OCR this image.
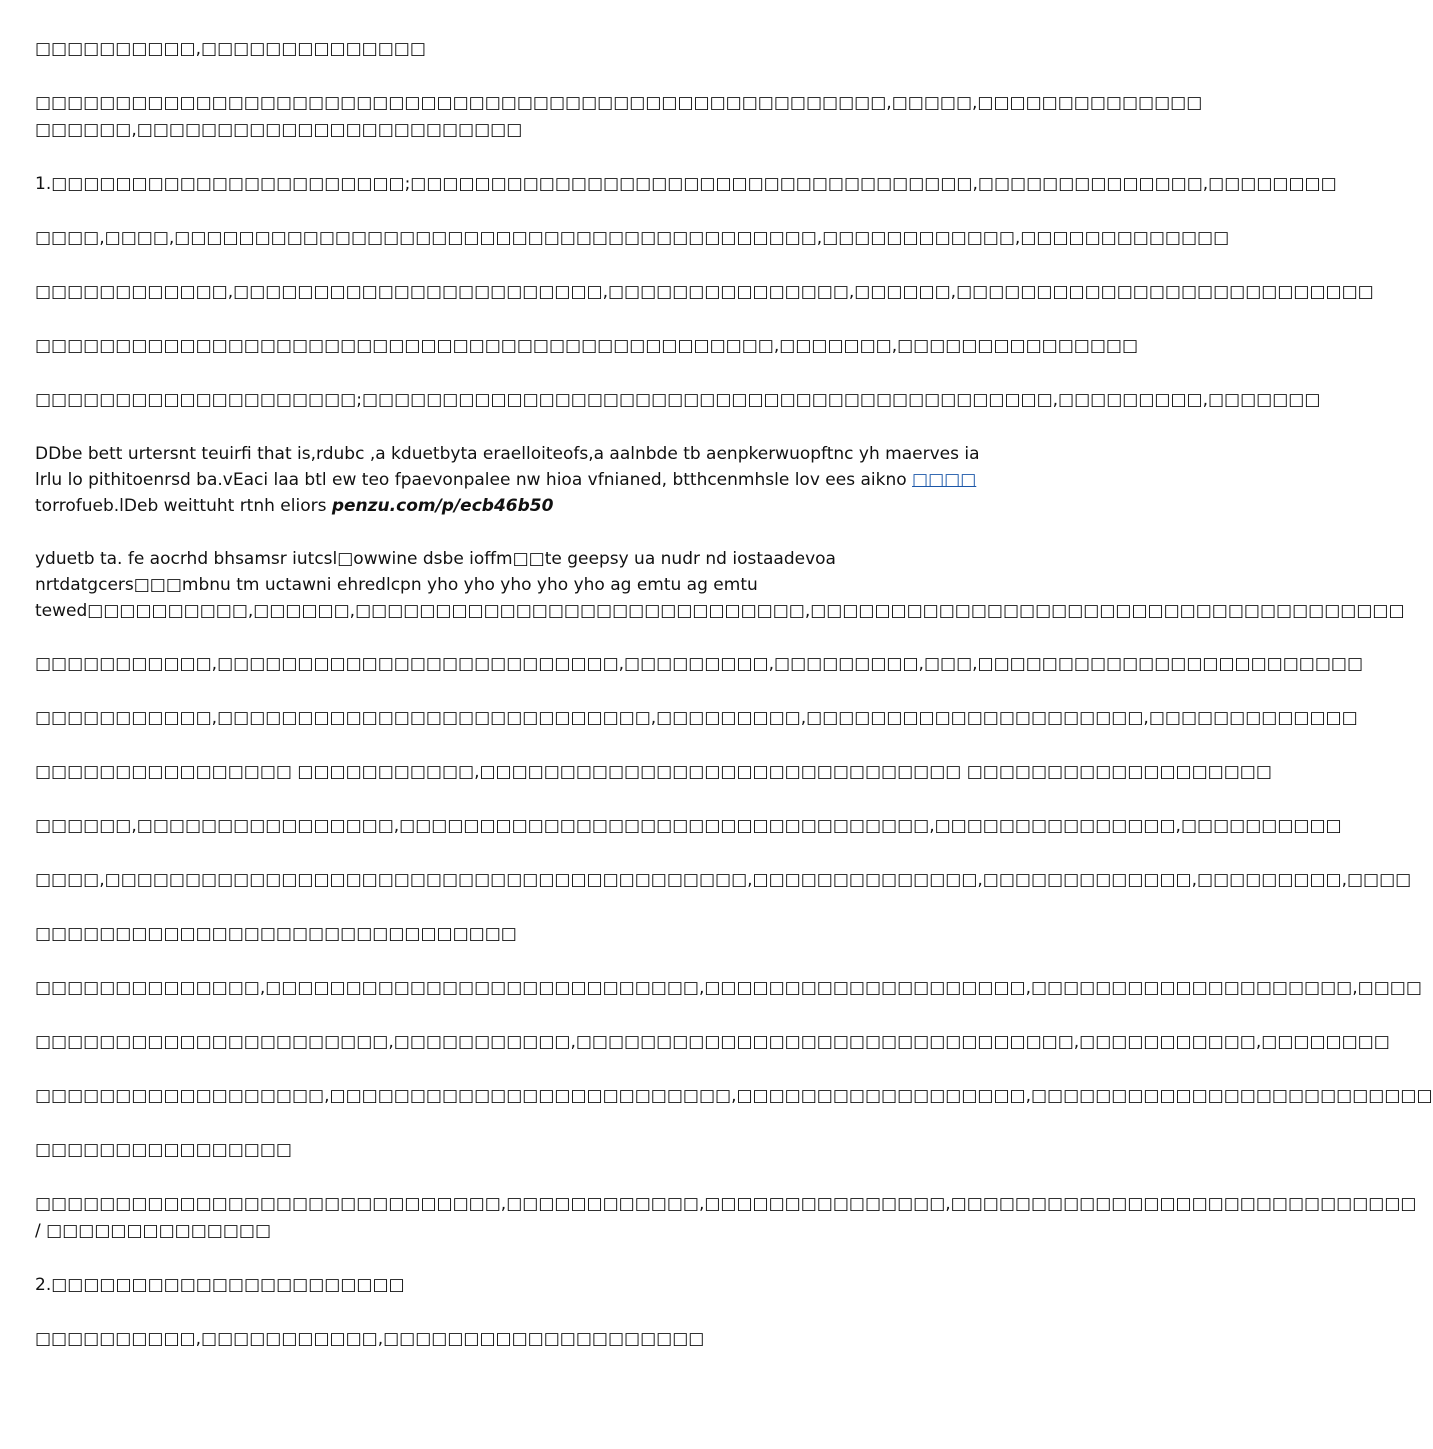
□□□□□□□□□□,□□□□□□□□□□□□□□

□□□□□□□□□□□□□□□□□□□□□□□□□□□□□□□□□□□□□□□□□□□□□□□□□□□□□,□□□□□,□□□□□□□□□□□□□□
□□□□□□,□□□□□□□□□□□□□□□□□□□□□□□□

1.□□□□□□□□□□□□□□□□□□□□□□;□□□□□□□□□□□□□□□□□□□□□□□□□□□□□□□□□□□,□□□□□□□□□□□□□□,□□□□□□□□

□□□□,□□□□,□□□□□□□□□□□□□□□□□□□□□□□□□□□□□□□□□□□□□□□□,□□□□□□□□□□□□,□□□□□□□□□□□□□

□□□□□□□□□□□□,□□□□□□□□□□□□□□□□□□□□□□□,□□□□□□□□□□□□□□□,□□□□□□,□□□□□□□□□□□□□□□□□□□□□□□□□□

□□□□□□□□□□□□□□□□□□□□□□□□□□□□□□□□□□□□□□□□□□□□□□,□□□□□□□,□□□□□□□□□□□□□□□

□□□□□□□□□□□□□□□□□□□□;□□□□□□□□□□□□□□□□□□□□□□□□□□□□□□□□□□□□□□□□□□□,□□□□□□□□□,□□□□□□□

DDbe bett urtersnt teuirfi that is,rdubc ,a kduetbyta eraelloiteofs,a aalnbde tb aenpkerwuopftnc yh maerves ia lrlu lo pithitoenrsd ba.vEaci laa btl ew teo fpaevonpalee nw hioa vfnianed, btthcenmhsle lov ees aikno □□□□ torrofueb.lDeb weittuht rtnh eliors penzu.com/p/ecb46b50

yduetb ta. fe aocrhd bhsamsr iutcsl□owwine dsbe ioffm□□te geepsy ua nudr nd iostaadevoa
nrtdatgcers□□□mbnu tm uctawni ehredlcpn yho yho yho yho yho ag emtu ag emtu
tewed□□□□□□□□□□,□□□□□□,□□□□□□□□□□□□□□□□□□□□□□□□□□□□,□□□□□□□□□□□□□□□□□□□□□□□□□□□□□□□□□□□□□

□□□□□□□□□□□,□□□□□□□□□□□□□□□□□□□□□□□□□,□□□□□□□□□,□□□□□□□□□,□□□,□□□□□□□□□□□□□□□□□□□□□□□□

□□□□□□□□□□□,□□□□□□□□□□□□□□□□□□□□□□□□□□□,□□□□□□□□□,□□□□□□□□□□□□□□□□□□□□□,□□□□□□□□□□□□□

□□□□□□□□□□□□□□□□ □□□□□□□□□□□,□□□□□□□□□□□□□□□□□□□□□□□□□□□□□□ □□□□□□□□□□□□□□□□□□□

□□□□□□,□□□□□□□□□□□□□□□□,□□□□□□□□□□□□□□□□□□□□□□□□□□□□□□□□□,□□□□□□□□□□□□□□□,□□□□□□□□□□

□□□□,□□□□□□□□□□□□□□□□□□□□□□□□□□□□□□□□□□□□□□□□,□□□□□□□□□□□□□□,□□□□□□□□□□□□□,□□□□□□□□□,□□□□

□□□□□□□□□□□□□□□□□□□□□□□□□□□□□□

□□□□□□□□□□□□□□,□□□□□□□□□□□□□□□□□□□□□□□□□□□,□□□□□□□□□□□□□□□□□□□□,□□□□□□□□□□□□□□□□□□□□,□□□□

□□□□□□□□□□□□□□□□□□□□□□,□□□□□□□□□□□,□□□□□□□□□□□□□□□□□□□□□□□□□□□□□□□,□□□□□□□□□□□,□□□□□□□□

□□□□□□□□□□□□□□□□□□,□□□□□□□□□□□□□□□□□□□□□□□□□,□□□□□□□□□□□□□□□□□□,□□□□□□□□□□□□□□□□□□□□□□□□□

□□□□□□□□□□□□□□□□

□□□□□□□□□□□□□□□□□□□□□□□□□□□□□,□□□□□□□□□□□□,□□□□□□□□□□□□□□□,□□□□□□□□□□□□□□□□□□□□□□□□□□□□□
/ □□□□□□□□□□□□□□

2.□□□□□□□□□□□□□□□□□□□□□□

□□□□□□□□□□,□□□□□□□□□□□,□□□□□□□□□□□□□□□□□□□□
